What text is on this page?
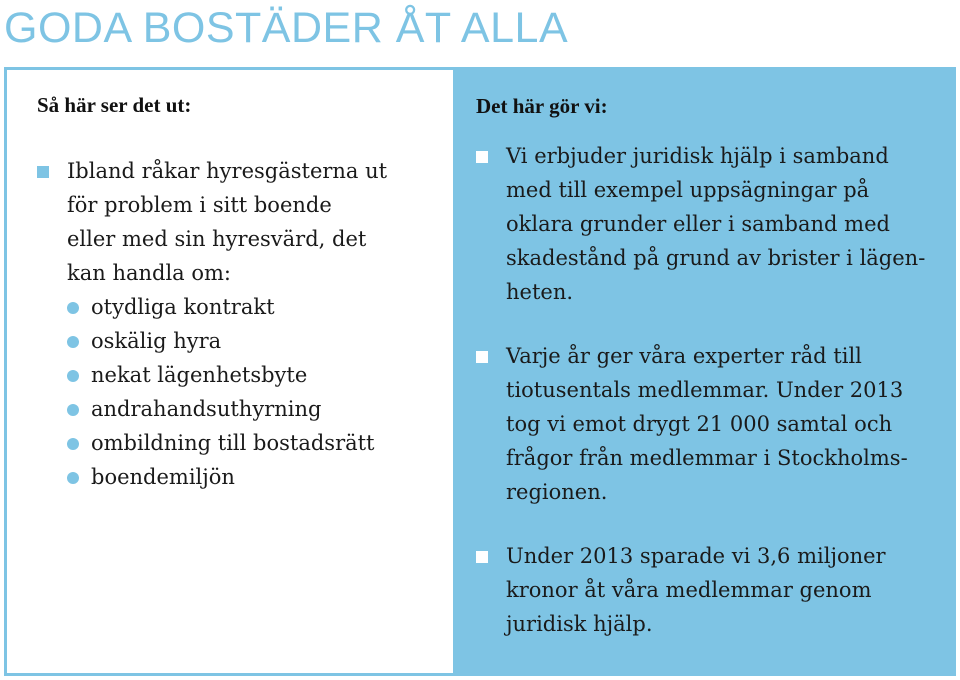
GODA BOSTÄDER ÅT ALLA
Så här ser det ut:

Ibland råkar hyresgästerna ut
för problem i sitt boende
eller med sin hyresvärd, det
kan handla om:

otydliga kontrakt
oskälig hyra
nekat lägenhetsbyte
andrahandsuthyrning
ombildning till bostadsrätt
boendemiljön
Det här gör vi:

Vi erbjuder juridisk hjälp i samband
med till exempel uppsägningar på
oklara grunder eller i samband med
skadestånd på grund av brister i lägen-
heten.

Varje år ger våra experter råd till
tiotusentals medlemmar. Under 2013
tog vi emot drygt 21 000 samtal och
frågor från medlemmar i Stockholms-
regionen.

Under 2013 sparade vi 3,6 miljoner
kronor åt våra medlemmar genom
juridisk hjälp.
